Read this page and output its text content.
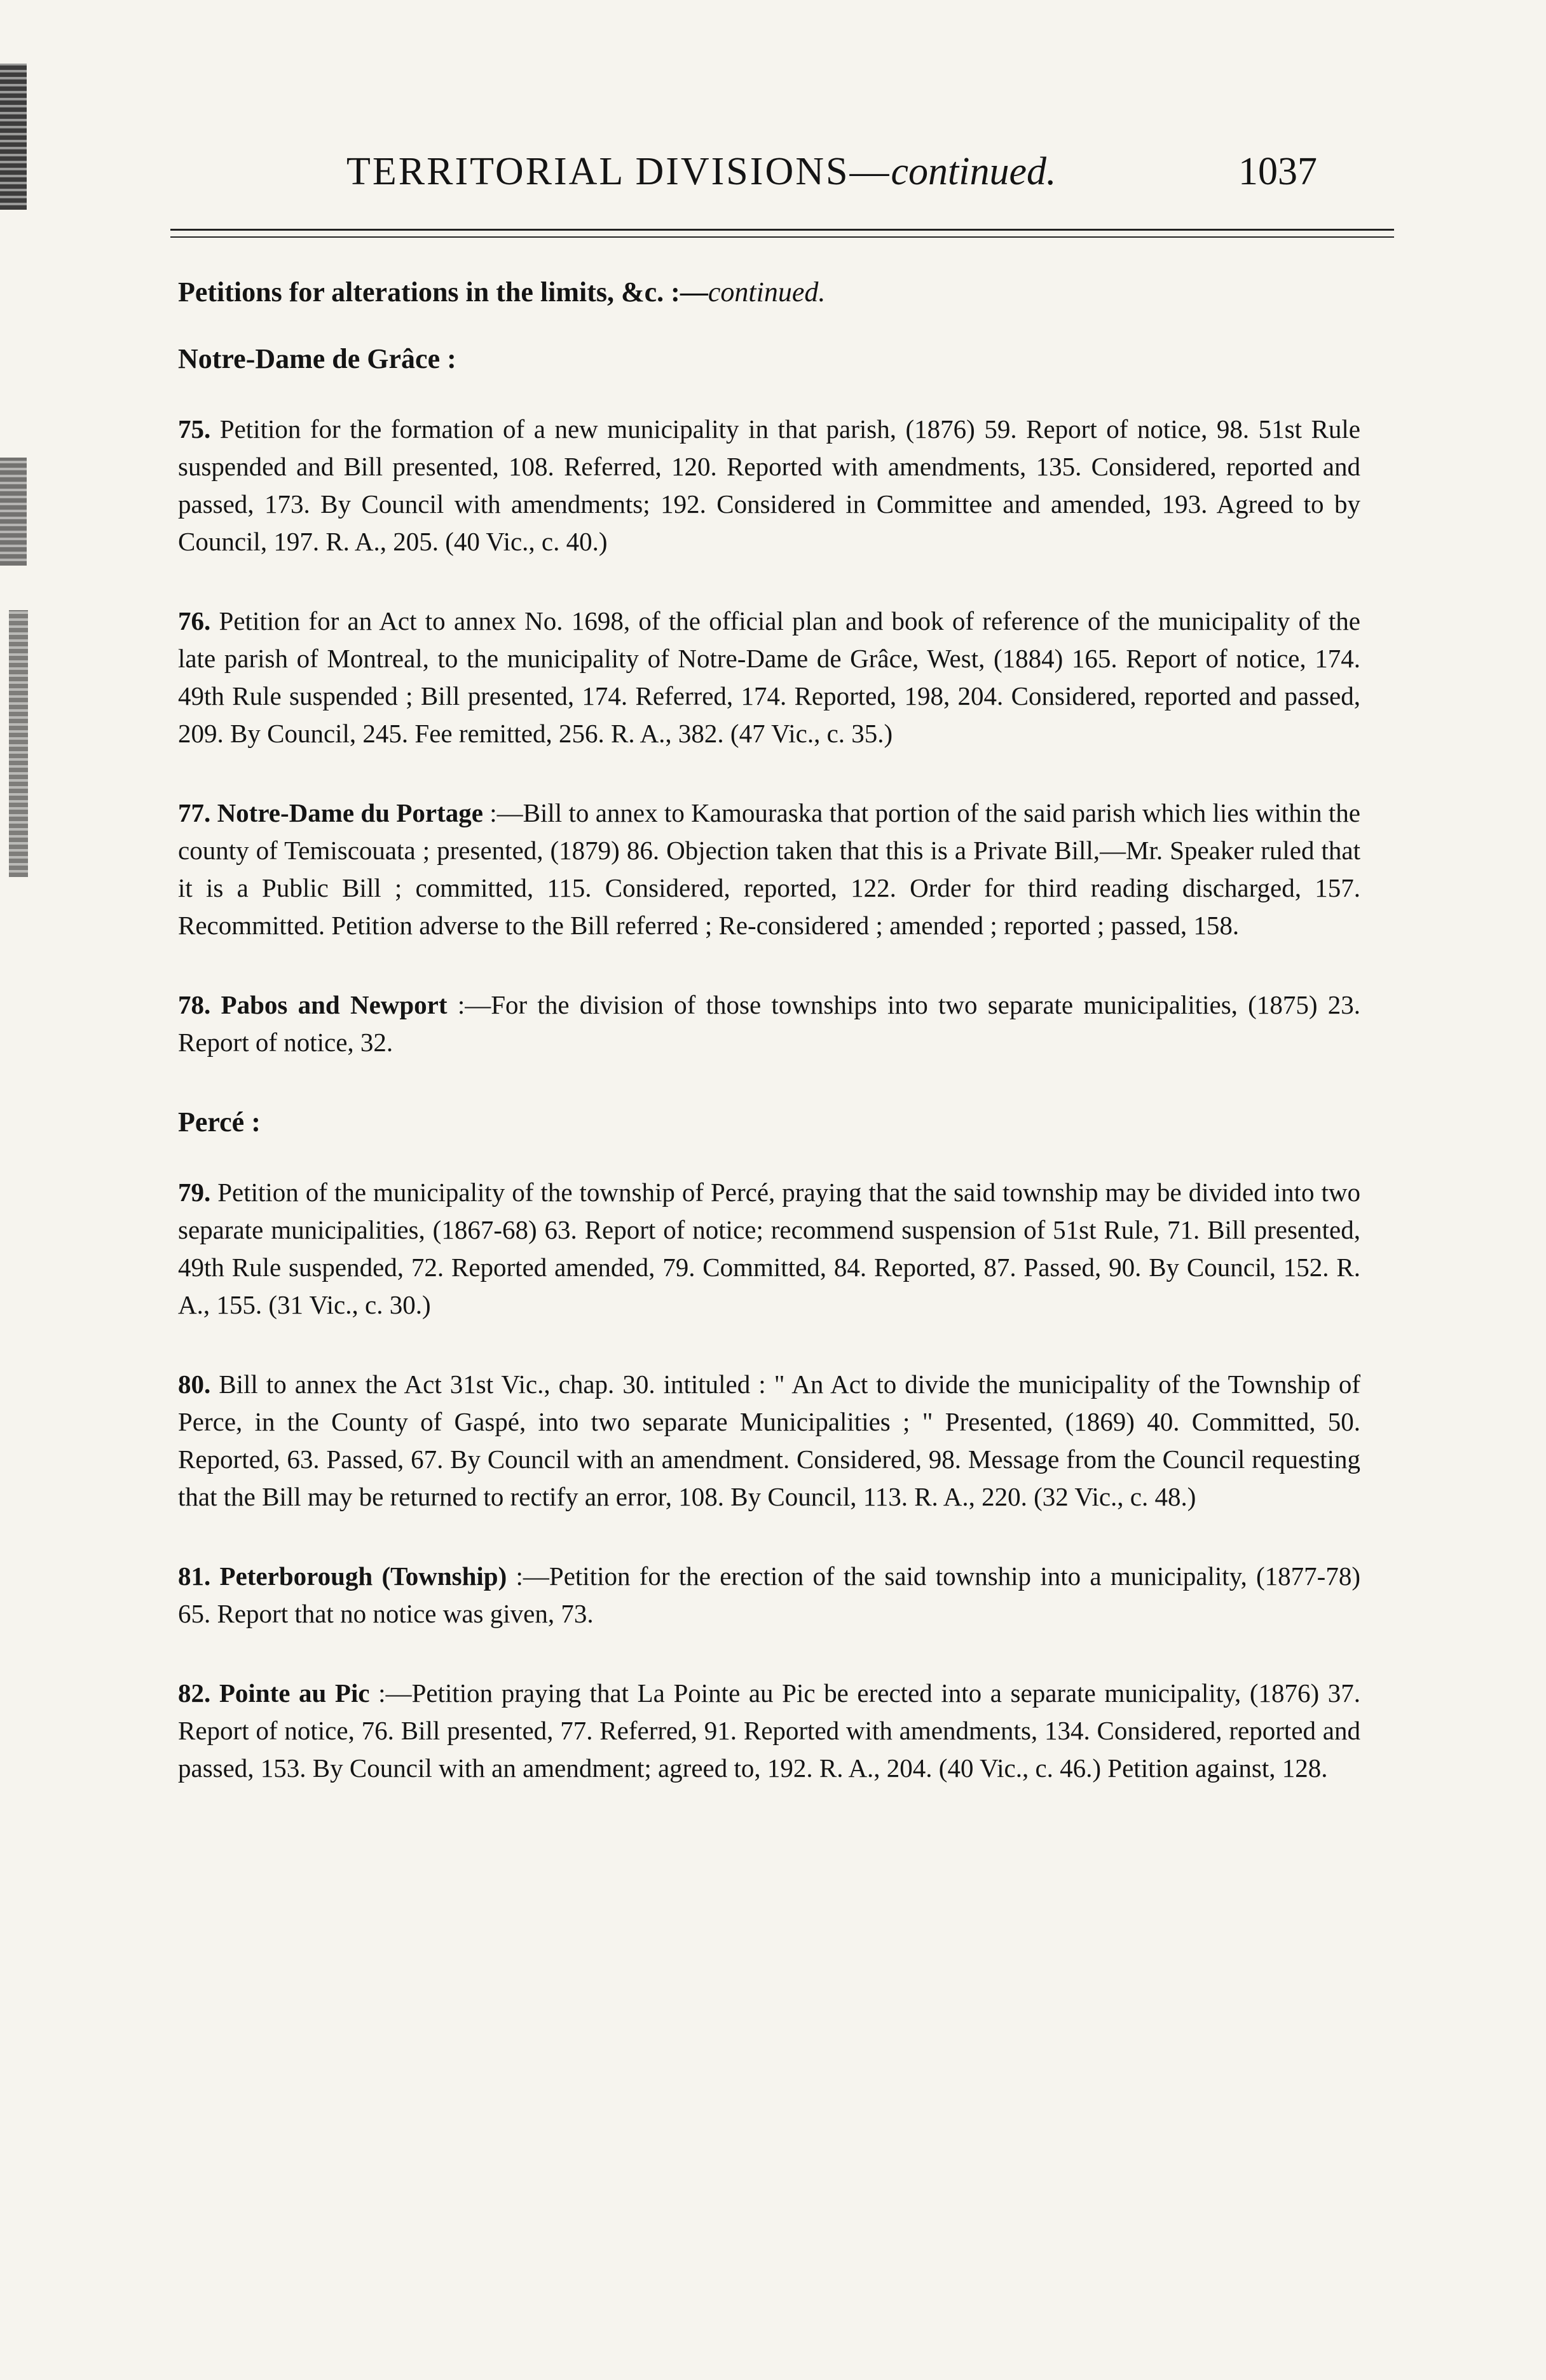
TERRITORIAL DIVISIONS—continued.	1037
Petitions for alterations in the limits, &c. :—continued.
Notre-Dame de Grâce :

75. Petition for the formation of a new municipality in that parish, (1876) 59. Report of notice, 98. 51st Rule suspended and Bill presented, 108. Referred, 120. Reported with amendments, 135. Considered, reported and passed, 173. By Council with amendments; 192. Considered in Committee and amended, 193. Agreed to by Council, 197. R. A., 205. (40 Vic., c. 40.)

76. Petition for an Act to annex No. 1698, of the official plan and book of reference of the municipality of the late parish of Montreal, to the municipality of Notre-Dame de Grâce, West, (1884) 165. Report of notice, 174. 49th Rule suspended ; Bill presented, 174. Referred, 174. Reported, 198, 204. Considered, reported and passed, 209. By Council, 245. Fee remitted, 256. R. A., 382. (47 Vic., c. 35.)

77. Notre-Dame du Portage :—Bill to annex to Kamouraska that portion of the said parish which lies within the county of Temiscouata ; presented, (1879) 86. Objection taken that this is a Private Bill,—Mr. Speaker ruled that it is a Public Bill ; committed, 115. Considered, reported, 122. Order for third reading discharged, 157. Recommitted. Petition adverse to the Bill referred ; Re-considered ; amended ; reported ; passed, 158.

78. Pabos and Newport :—For the division of those townships into two separate municipalities, (1875) 23. Report of notice, 32.

Percé :

79. Petition of the municipality of the township of Percé, praying that the said township may be divided into two separate municipalities, (1867-68) 63. Report of notice; recommend suspension of 51st Rule, 71. Bill presented, 49th Rule suspended, 72. Reported amended, 79. Committed, 84. Reported, 87. Passed, 90. By Council, 152. R. A., 155. (31 Vic., c. 30.)

80. Bill to annex the Act 31st Vic., chap. 30. intituled : " An Act to divide the municipality of the Township of Perce, in the County of Gaspé, into two separate Municipalities ; " Presented, (1869) 40. Committed, 50. Reported, 63. Passed, 67. By Council with an amendment. Considered, 98. Message from the Council requesting that the Bill may be returned to rectify an error, 108. By Council, 113. R. A., 220. (32 Vic., c. 48.)

81. Peterborough (Township) :—Petition for the erection of the said township into a municipality, (1877-78) 65. Report that no notice was given, 73.

82. Pointe au Pic :—Petition praying that La Pointe au Pic be erected into a separate municipality, (1876) 37. Report of notice, 76. Bill presented, 77. Referred, 91. Reported with amendments, 134. Considered, reported and passed, 153. By Council with an amendment; agreed to, 192. R. A., 204. (40 Vic., c. 46.) Petition against, 128.
